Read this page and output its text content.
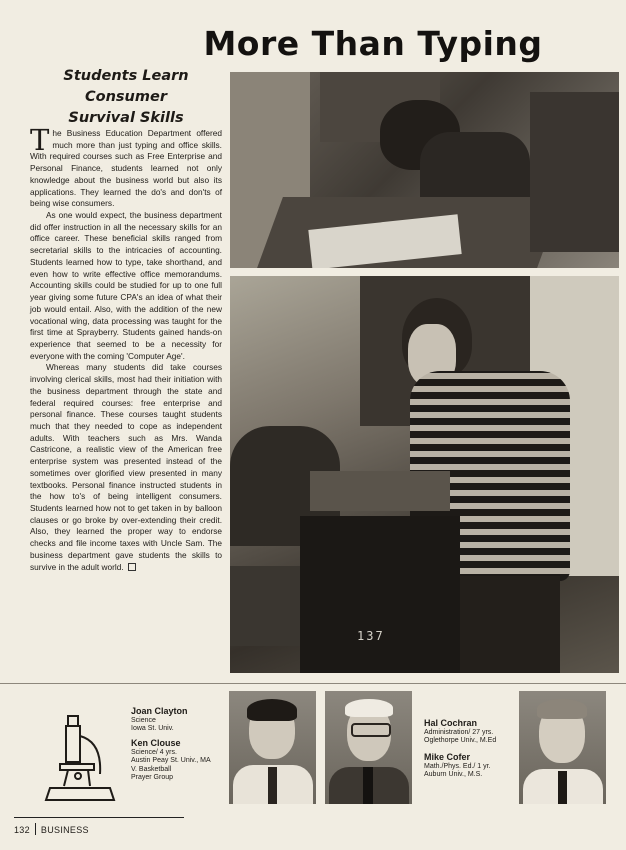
More Than Typing
Students Learn
Consumer
Survival Skills

The Business Education Department offered much more than just typing and office skills. With required courses such as Free Enterprise and Personal Finance, students learned not only knowledge about the business world but also its applications. They learned the do's and don'ts of being wise consumers.

As one would expect, the business department did offer instruction in all the necessary skills for an office career. These beneficial skills ranged from secretarial skills to the intricacies of accounting. Students learned how to type, take shorthand, and even how to write effective office memorandums. Accounting skills could be studied for up to one full year giving some future CPA's an idea of what their job would entail. Also, with the addition of the new vocational wing, data processing was taught for the first time at Sprayberry. Students gained hands-on experience that seemed to be a necessity for everyone with the coming 'Computer Age'.

Whereas many students did take courses involving clerical skills, most had their initiation with the business department through the state and federal required courses: free enterprise and personal finance. These courses taught students much that they needed to cope as independent adults. With teachers such as Mrs. Wanda Castricone, a realistic view of the American free enterprise system was presented instead of the sometimes over glorified view presented in many textbooks. Personal finance instructed students in the how to's of being intelligent consumers. Students learned how not to get taken in by balloon clauses or go broke by over-extending their credit. Also, they learned the proper way to endorse checks and file income taxes with Uncle Sam. The business department gave students the skills to survive in the adult world.

137
Joan Clayton
Science
Iowa St. Univ.
Ken Clouse
Science/ 4 yrs.
Austin Peay St. Univ., MA
V. Basketball
Prayer Group
Hal Cochran
Administration/ 27 yrs.
Oglethorpe Univ., M.Ed
Mike Cofer
Math./Phys. Ed./ 1 yr.
Auburn Univ., M.S.
132 BUSINESS
